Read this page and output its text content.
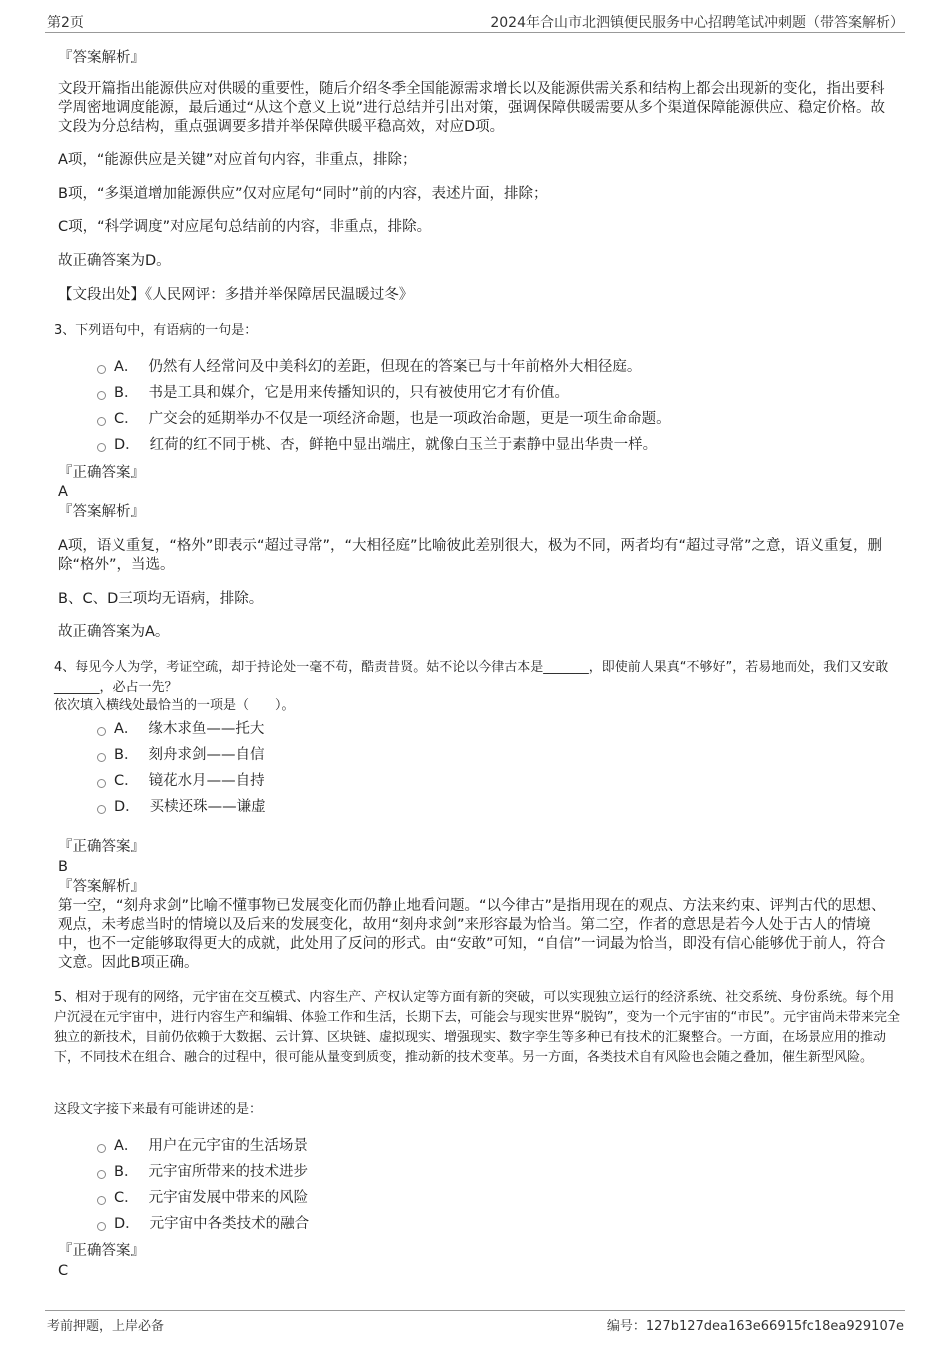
第2页	2024年合山市北泗镇便民服务中心招聘笔试冲刺题（带答案解析）
『答案解析』
文段开篇指出能源供应对供暖的重要性，随后介绍冬季全国能源需求增长以及能源供需关系和结构上都会出现新的变化，指出要科学周密地调度能源，最后通过“从这个意义上说”进行总结并引出对策，强调保障供暖需要从多个渠道保障能源供应、稳定价格。故文段为分总结构，重点强调要多措并举保障供暖平稳高效，对应D项。
A项，“能源供应是关键”对应首句内容，非重点，排除；
B项，“多渠道增加能源供应”仅对应尾句“同时”前的内容，表述片面，排除；
C项，“科学调度”对应尾句总结前的内容，非重点，排除。
故正确答案为D。
【文段出处】《人民网评：多措并举保障居民温暖过冬》
3、下列语句中，有语病的一句是：
A． 仍然有人经常问及中美科幻的差距，但现在的答案已与十年前格外大相径庭。
B． 书是工具和媒介，它是用来传播知识的，只有被使用它才有价值。
C． 广交会的延期举办不仅是一项经济命题，也是一项政治命题，更是一项生命命题。
D． 红荷的红不同于桃、杏，鲜艳中显出端庄，就像白玉兰于素静中显出华贵一样。
『正确答案』
A
『答案解析』
A项，语义重复，“格外”即表示“超过寻常”，“大相径庭”比喻彼此差别很大，极为不同，两者均有“超过寻常”之意，语义重复，删除“格外”，当选。
B、C、D三项均无语病，排除。
故正确答案为A。
4、每见今人为学，考证空疏，却于持论处一毫不苟，酷责昔贤。姑不论以今律古本是_______，即使前人果真“不够好”，若易地而处，我们又安敢_______，必占一先？
依次填入横线处最恰当的一项是（　　）。
A． 缘木求鱼——托大
B． 刻舟求剑——自信
C． 镜花水月——自持
D． 买椟还珠——谦虚
『正确答案』
B
『答案解析』
第一空，“刻舟求剑”比喻不懂事物已发展变化而仍静止地看问题。“以今律古”是指用现在的观点、方法来约束、评判古代的思想、观点，未考虑当时的情境以及后来的发展变化，故用“刻舟求剑”来形容最为恰当。第二空，作者的意思是若今人处于古人的情境中，也不一定能够取得更大的成就，此处用了反问的形式。由“安敢”可知，“自信”一词最为恰当，即没有信心能够优于前人，符合文意。因此B项正确。
5、相对于现有的网络，元宇宙在交互模式、内容生产、产权认定等方面有新的突破，可以实现独立运行的经济系统、社交系统、身份系统。每个用户沉浸在元宇宙中，进行内容生产和编辑、体验工作和生活，长期下去，可能会与现实世界“脱钩”，变为一个元宇宙的“市民”。元宇宙尚未带来完全独立的新技术，目前仍依赖于大数据、云计算、区块链、虚拟现实、增强现实、数字孪生等多种已有技术的汇聚整合。一方面，在场景应用的推动下，不同技术在组合、融合的过程中，很可能从量变到质变，推动新的技术变革。另一方面，各类技术自有风险也会随之叠加，催生新型风险。
这段文字接下来最有可能讲述的是：
A． 用户在元宇宙的生活场景
B． 元宇宙所带来的技术进步
C． 元宇宙发展中带来的风险
D． 元宇宙中各类技术的融合
『正确答案』
C
考前押题，上岸必备	编号：127b127dea163e66915fc18ea929107e
